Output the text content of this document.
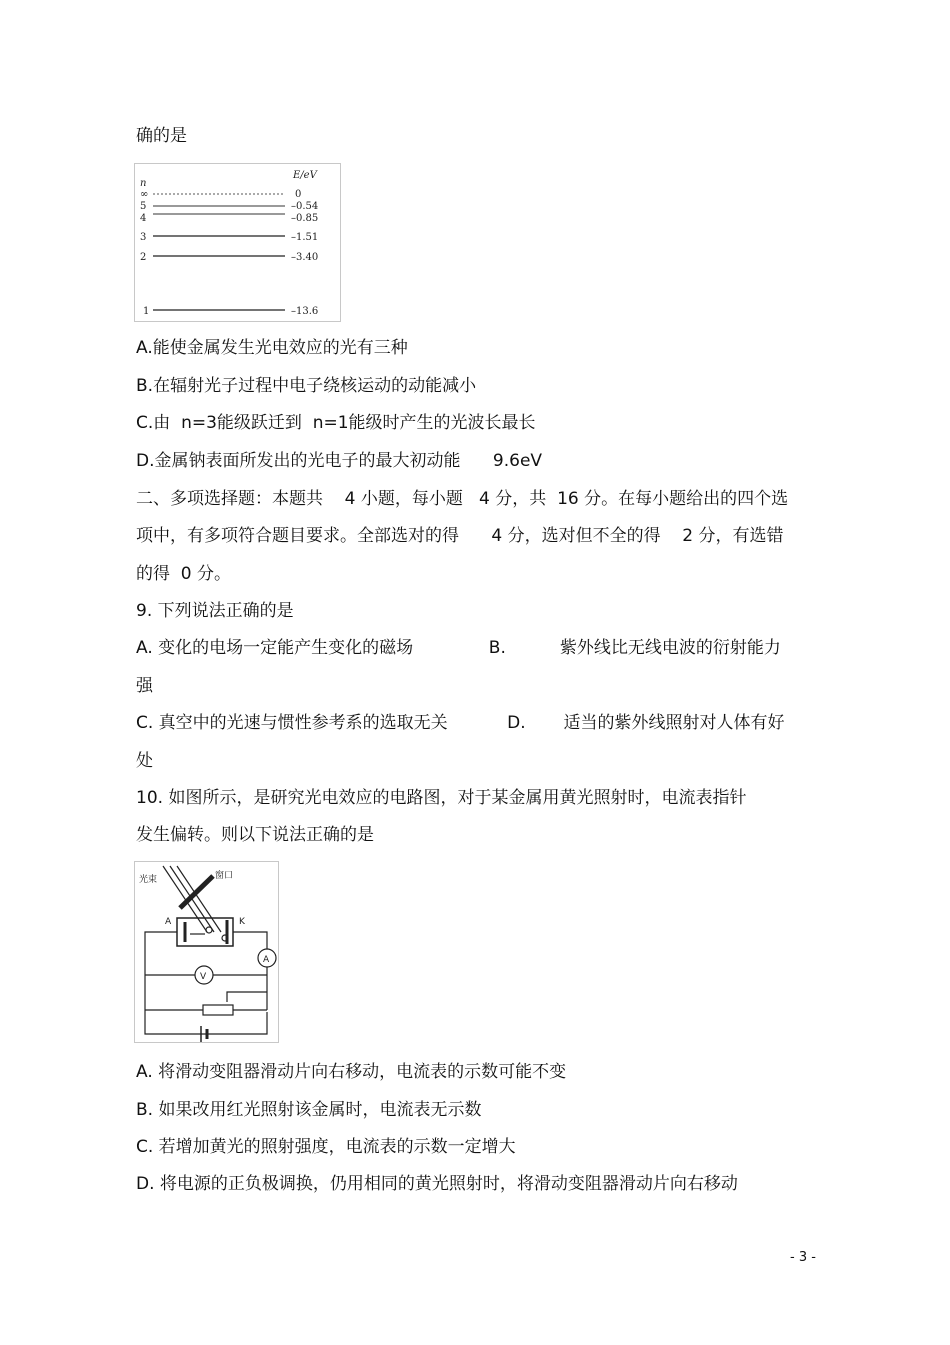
确的是
n
E/eV
∞	0
5	–0.54
4	–0.85
3	–1.51
2	–3.40
1	–13.6
A.能使金属发生光电效应的光有三种
B.在辐射光子过程中电子绕核运动的动能减小
C.由  n=3能级跃迁到  n=1能级时产生的光波长最长
D.金属钠表面所发出的光电子的最大初动能      9.6eV
二、多项选择题：本题共    4 小题，每小题   4 分，共  16 分。在每小题给出的四个选
项中，有多项符合题目要求。全部选对的得      4 分，选对但不全的得    2 分，有选错
的得  0 分。
9. 下列说法正确的是
A. 变化的电场一定能产生变化的磁场              B.          紫外线比无线电波的衍射能力
强
C. 真空中的光速与惯性参考系的选取无关           D.       适当的紫外线照射对人体有好
处
10. 如图所示，是研究光电效应的电路图，对于某金属用黄光照射时，电流表指针
发生偏转。则以下说法正确的是
光束	窗口
A	K
A
V
A. 将滑动变阻器滑动片向右移动，电流表的示数可能不变
B. 如果改用红光照射该金属时，电流表无示数
C. 若增加黄光的照射强度，电流表的示数一定增大
D. 将电源的正负极调换，仍用相同的黄光照射时，将滑动变阻器滑动片向右移动
- 3 -
